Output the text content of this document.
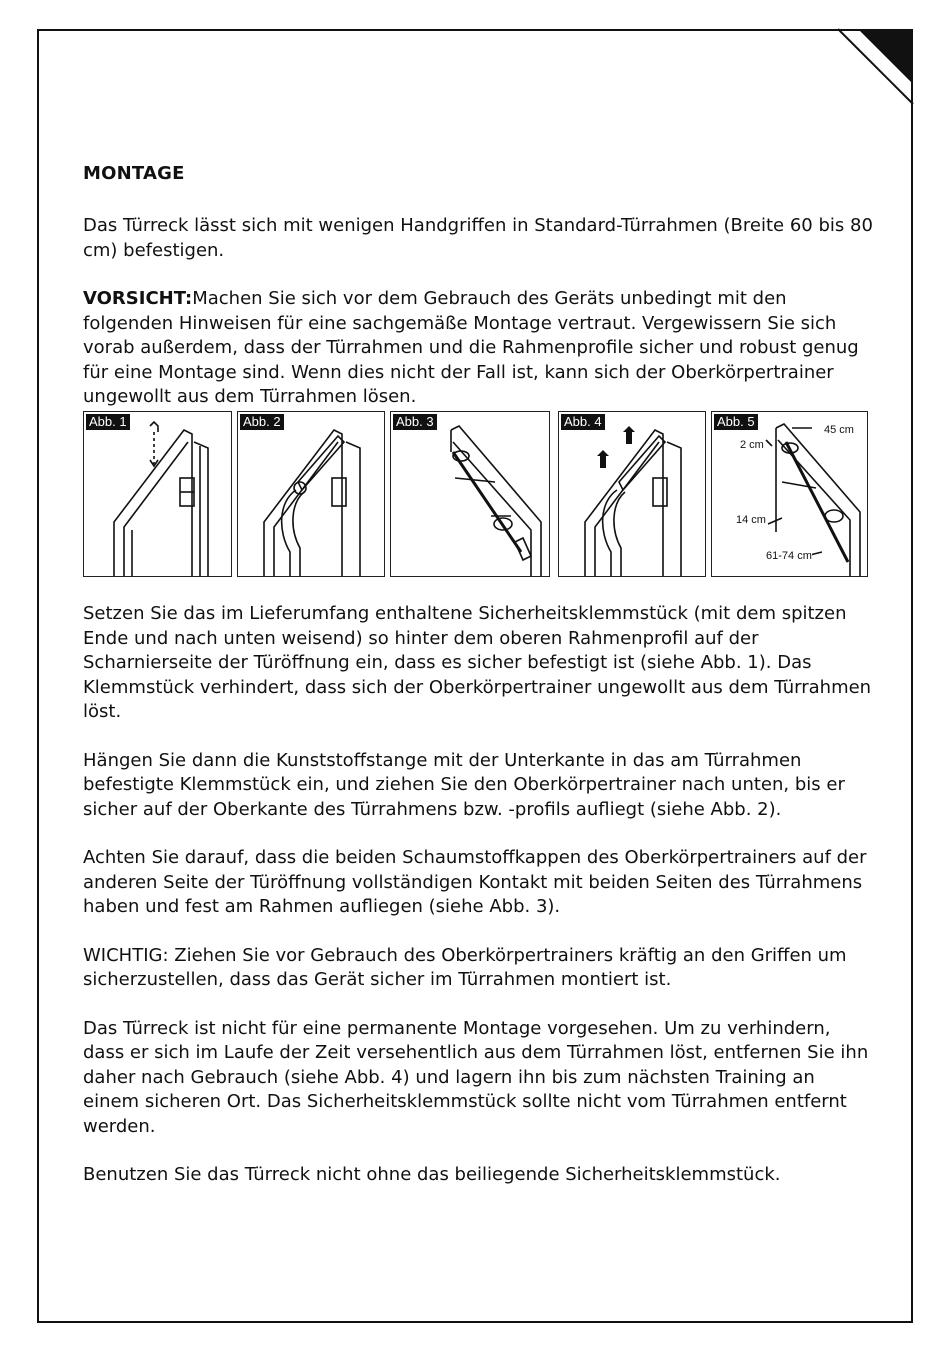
MONTAGE

Das Türreck lässt sich mit wenigen Handgriffen in Standard-Türrahmen (Breite 60 bis 80 cm) befestigen.

VORSICHT:Machen Sie sich vor dem Gebrauch des Geräts unbedingt mit den folgenden Hinweisen für eine sachgemäße Montage vertraut. Vergewissern Sie sich vorab außerdem, dass der Türrahmen und die Rahmenprofile sicher und robust genug für eine Montage sind. Wenn dies nicht der Fall ist, kann sich der Oberkörpertrainer ungewollt aus dem Türrahmen lösen.

Abb. 1	Abb. 2	Abb. 3	Abb. 4	Abb. 5
45 cm
2 cm
14 cm
61-74 cm

Setzen Sie das im Lieferumfang enthaltene Sicherheitsklemmstück (mit dem spitzen Ende und nach unten weisend) so hinter dem oberen Rahmenprofil auf der Scharnierseite der Türöffnung ein, dass es sicher befestigt ist (siehe Abb. 1). Das Klemmstück verhindert, dass sich der Oberkörpertrainer ungewollt aus dem Türrahmen löst.

Hängen Sie dann die Kunststoffstange mit der Unterkante in das am Türrahmen befestigte Klemmstück ein, und ziehen Sie den Oberkörpertrainer nach unten, bis er sicher auf der Oberkante des Türrahmens bzw. -profils aufliegt (siehe Abb. 2).

Achten Sie darauf, dass die beiden Schaumstoffkappen des Oberkörpertrainers auf der anderen Seite der Türöffnung vollständigen Kontakt mit beiden Seiten des Türrahmens haben und fest am Rahmen aufliegen (siehe Abb. 3).

WICHTIG: Ziehen Sie vor Gebrauch des Oberkörpertrainers kräftig an den Griffen um sicherzustellen, dass das Gerät sicher im Türrahmen montiert ist.

Das Türreck ist nicht für eine permanente Montage vorgesehen. Um zu verhindern, dass er sich im Laufe der Zeit versehentlich aus dem Türrahmen löst, entfernen Sie ihn daher nach Gebrauch (siehe Abb. 4) und lagern ihn bis zum nächsten Training an einem sicheren Ort. Das Sicherheitsklemmstück sollte nicht vom Türrahmen entfernt werden.

Benutzen Sie das Türreck nicht ohne das beiliegende Sicherheitsklemmstück.
